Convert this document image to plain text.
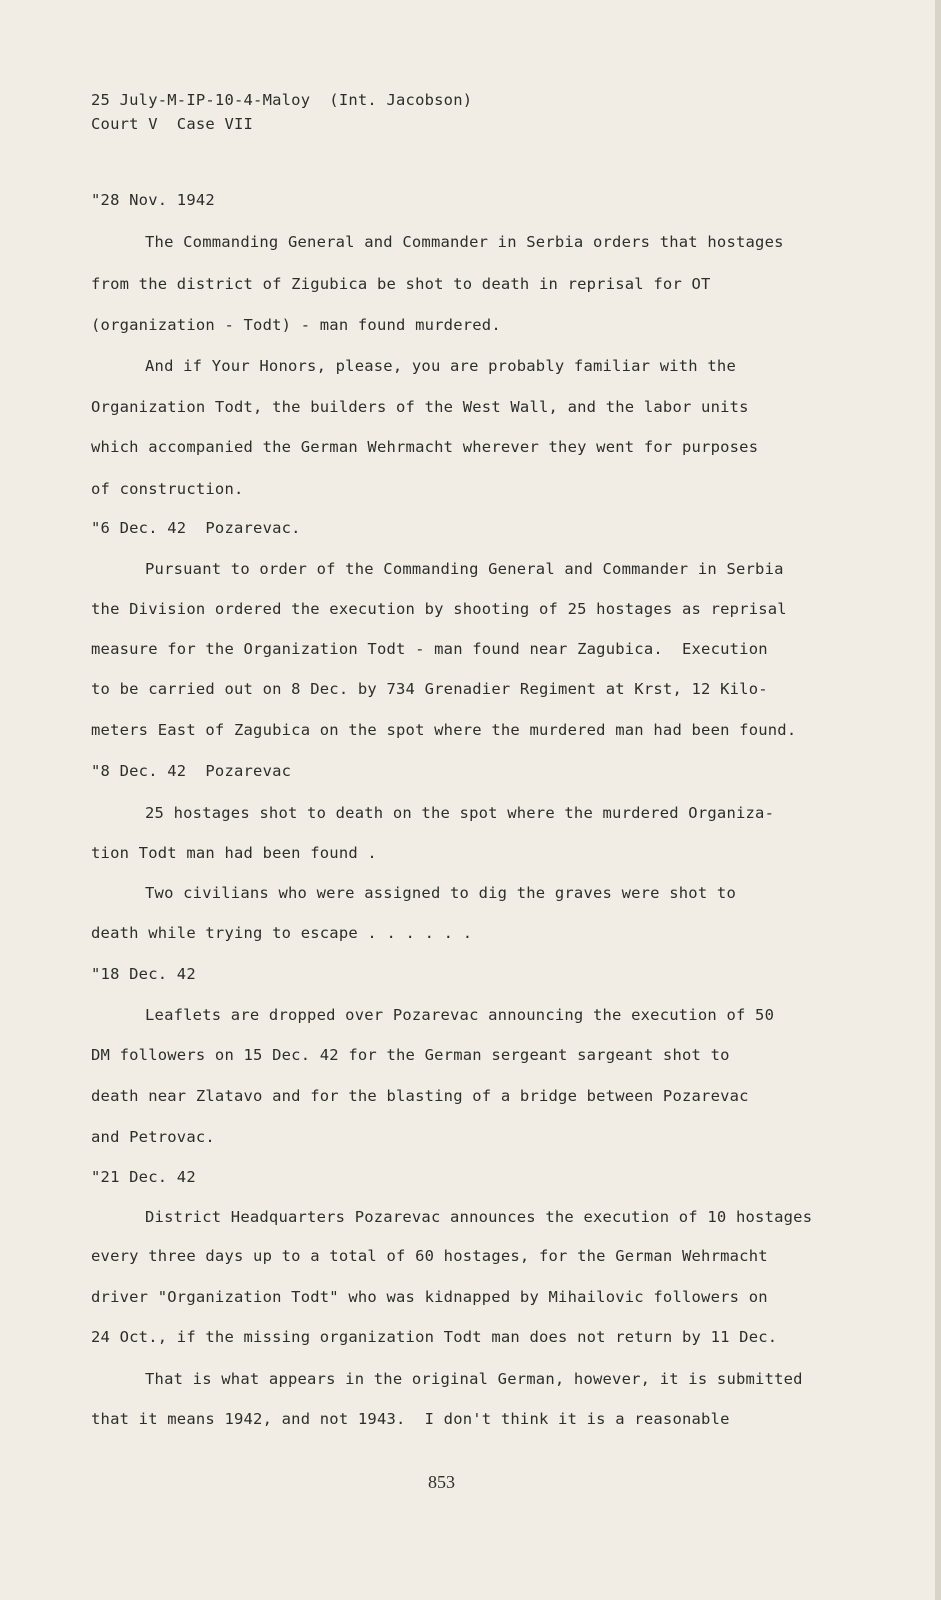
25 July-M-IP-10-4-Maloy  (Int. Jacobson)
Court V  Case VII
"28 Nov. 1942
The Commanding General and Commander in Serbia orders that hostages
from the district of Zigubica be shot to death in reprisal for OT
(organization - Todt) - man found murdered.
And if Your Honors, please, you are probably familiar with the
Organization Todt, the builders of the West Wall, and the labor units
which accompanied the German Wehrmacht wherever they went for purposes
of construction.
"6 Dec. 42  Pozarevac.
Pursuant to order of the Commanding General and Commander in Serbia
the Division ordered the execution by shooting of 25 hostages as reprisal
measure for the Organization Todt - man found near Zagubica.  Execution
to be carried out on 8 Dec. by 734 Grenadier Regiment at Krst, 12 Kilo-
meters East of Zagubica on the spot where the murdered man had been found.
"8 Dec. 42  Pozarevac
25 hostages shot to death on the spot where the murdered Organiza-
tion Todt man had been found .
Two civilians who were assigned to dig the graves were shot to
death while trying to escape . . . . . .
"18 Dec. 42
Leaflets are dropped over Pozarevac announcing the execution of 50
DM followers on 15 Dec. 42 for the German sergeant sargeant shot to
death near Zlatavo and for the blasting of a bridge between Pozarevac
and Petrovac.
"21 Dec. 42
District Headquarters Pozarevac announces the execution of 10 hostages
every three days up to a total of 60 hostages, for the German Wehrmacht
driver "Organization Todt" who was kidnapped by Mihailovic followers on
24 Oct., if the missing organization Todt man does not return by 11 Dec.
That is what appears in the original German, however, it is submitted
that it means 1942, and not 1943.  I don't think it is a reasonable
853
